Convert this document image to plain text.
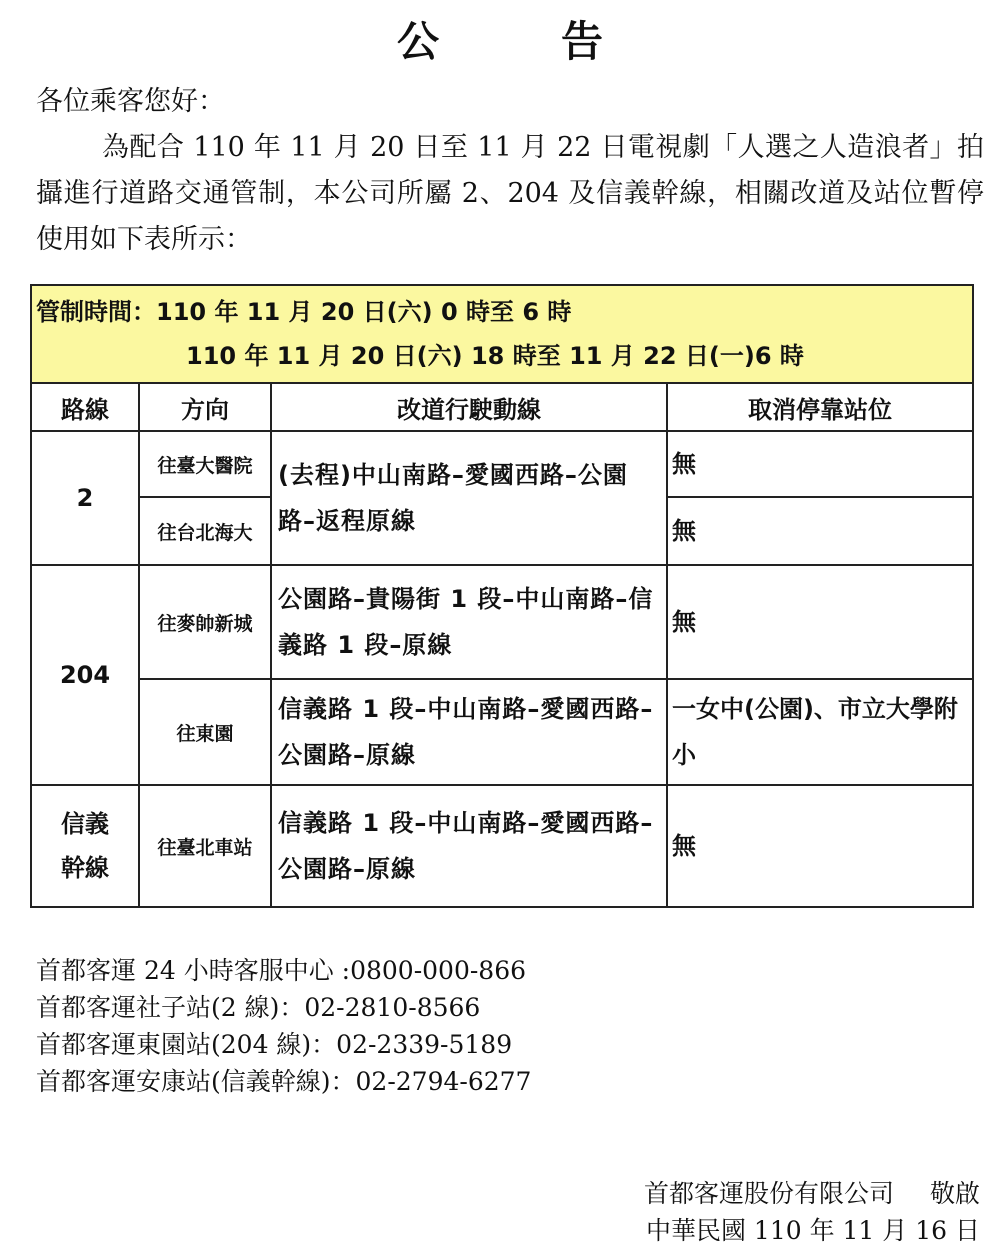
公　告
各位乘客您好：
為配合 110 年 11 月 20 日至 11 月 22 日電視劇「人選之人造浪者」拍攝進行道路交通管制，本公司所屬 2、204 及信義幹線，相關改道及站位暫停使用如下表所示：
管制時間：110 年 11 月 20 日(六) 0 時至 6 時
110 年 11 月 20 日(六) 18 時至 11 月 22 日(一)6 時			

路線	方向	改道行駛動線	取消停靠站位
2	往臺大醫院	(去程)中山南路–愛國西路–公園路–返程原線	無
	往台北海大		無
204	往麥帥新城	公園路–貴陽街 1 段–中山南路–信義路 1 段–原線	無
	往東園	信義路 1 段–中山南路–愛國西路–公園路–原線	一女中(公園)、市立大學附小

信義幹線	往臺北車站	信義路 1 段–中山南路–愛國西路–公園路–原線	無
首都客運 24 小時客服中心 :0800-000-866
首都客運社子站(2 線)：02-2810-8566
首都客運東園站(204 線)：02-2339-5189
首都客運安康站(信義幹線)：02-2794-6277
首都客運股份有限公司 敬啟
中華民國 110 年 11 月 16 日
